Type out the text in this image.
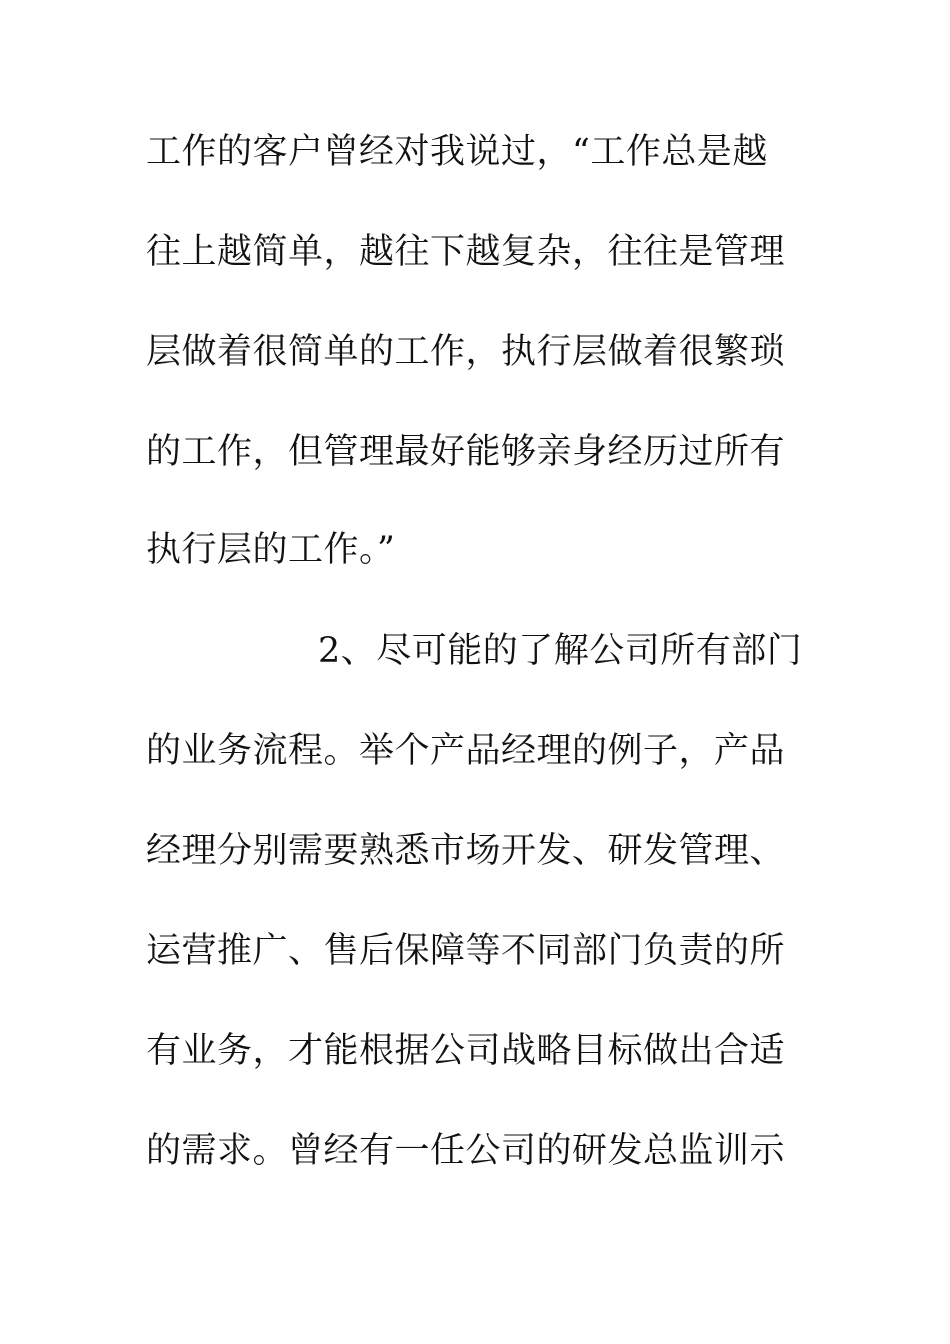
工作的客户曾经对我说过，“工作总是越
往上越简单，越往下越复杂，往往是管理
层做着很简单的工作，执行层做着很繁琐
的工作，但管理最好能够亲身经历过所有
执行层的工作。”
2、尽可能的了解公司所有部门
的业务流程。举个产品经理的例子，产品
经理分别需要熟悉市场开发、研发管理、
运营推广、售后保障等不同部门负责的所
有业务，才能根据公司战略目标做出合适
的需求。曾经有一任公司的研发总监训示
